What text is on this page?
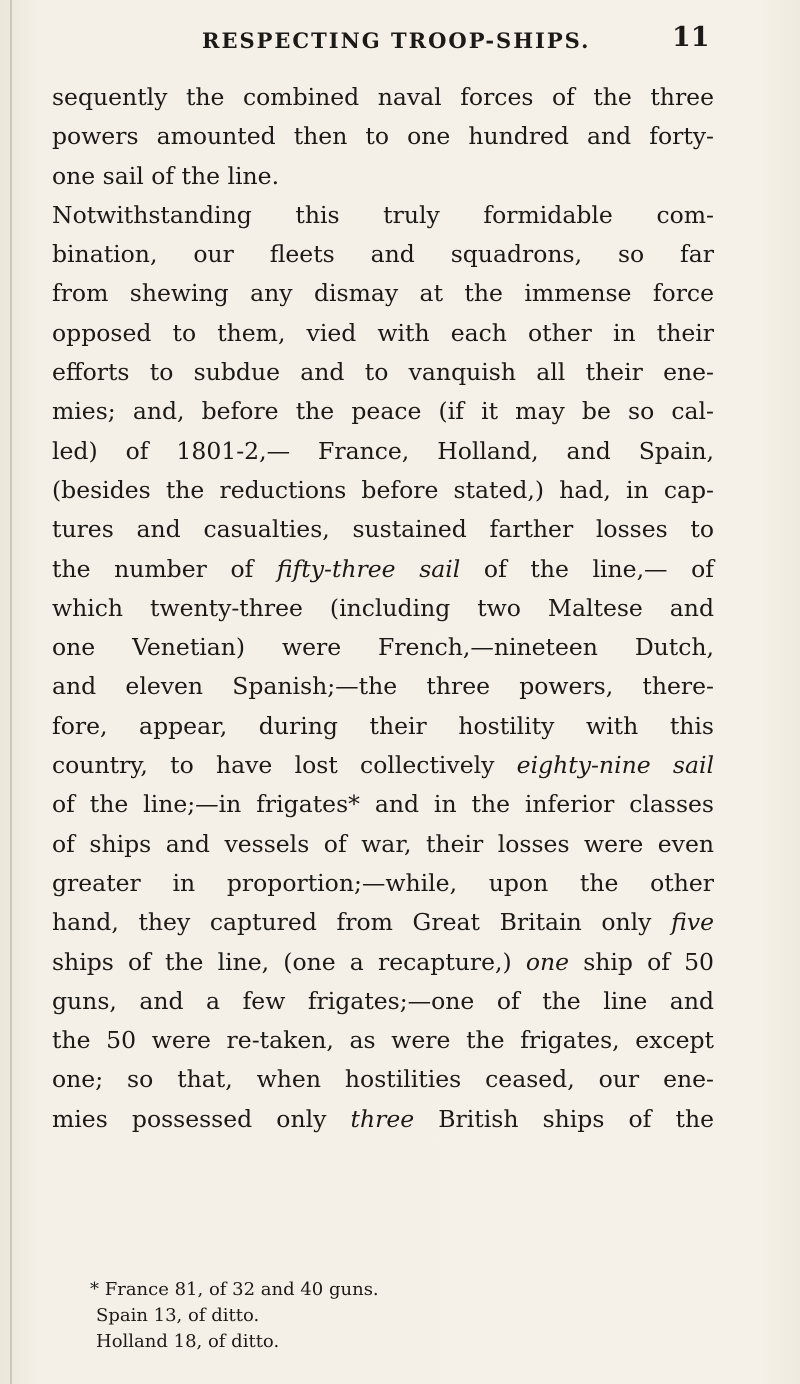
RESPECTING TROOP-SHIPS.	11
sequently the combined naval forces of the three
powers amounted then to one hundred and forty-
one sail of the line.
Notwithstanding this truly formidable com-
bination, our fleets and squadrons, so far
from shewing any dismay at the immense force
opposed to them, vied with each other in their
efforts to subdue and to vanquish all their ene-
mies; and, before the peace (if it may be so cal-
led) of 1801-2,— France, Holland, and Spain,
(besides the reductions before stated,) had, in cap-
tures and casualties, sustained farther losses to
the number of fifty-three sail of the line,— of
which twenty-three (including two Maltese and
one Venetian) were French,—nineteen Dutch,
and eleven Spanish;—the three powers, there-
fore, appear, during their hostility with this
country, to have lost collectively eighty-nine sail
of the line;—in frigates* and in the inferior classes
of ships and vessels of war, their losses were even
greater in proportion;—while, upon the other
hand, they captured from Great Britain only five
ships of the line, (one a recapture,) one ship of 50
guns, and a few frigates;—one of the line and
the 50 were re-taken, as were the frigates, except
one; so that, when hostilities ceased, our ene-
mies possessed only three British ships of the
* France 81, of 32 and 40 guns.
Spain 13, of ditto.
Holland 18, of ditto.
